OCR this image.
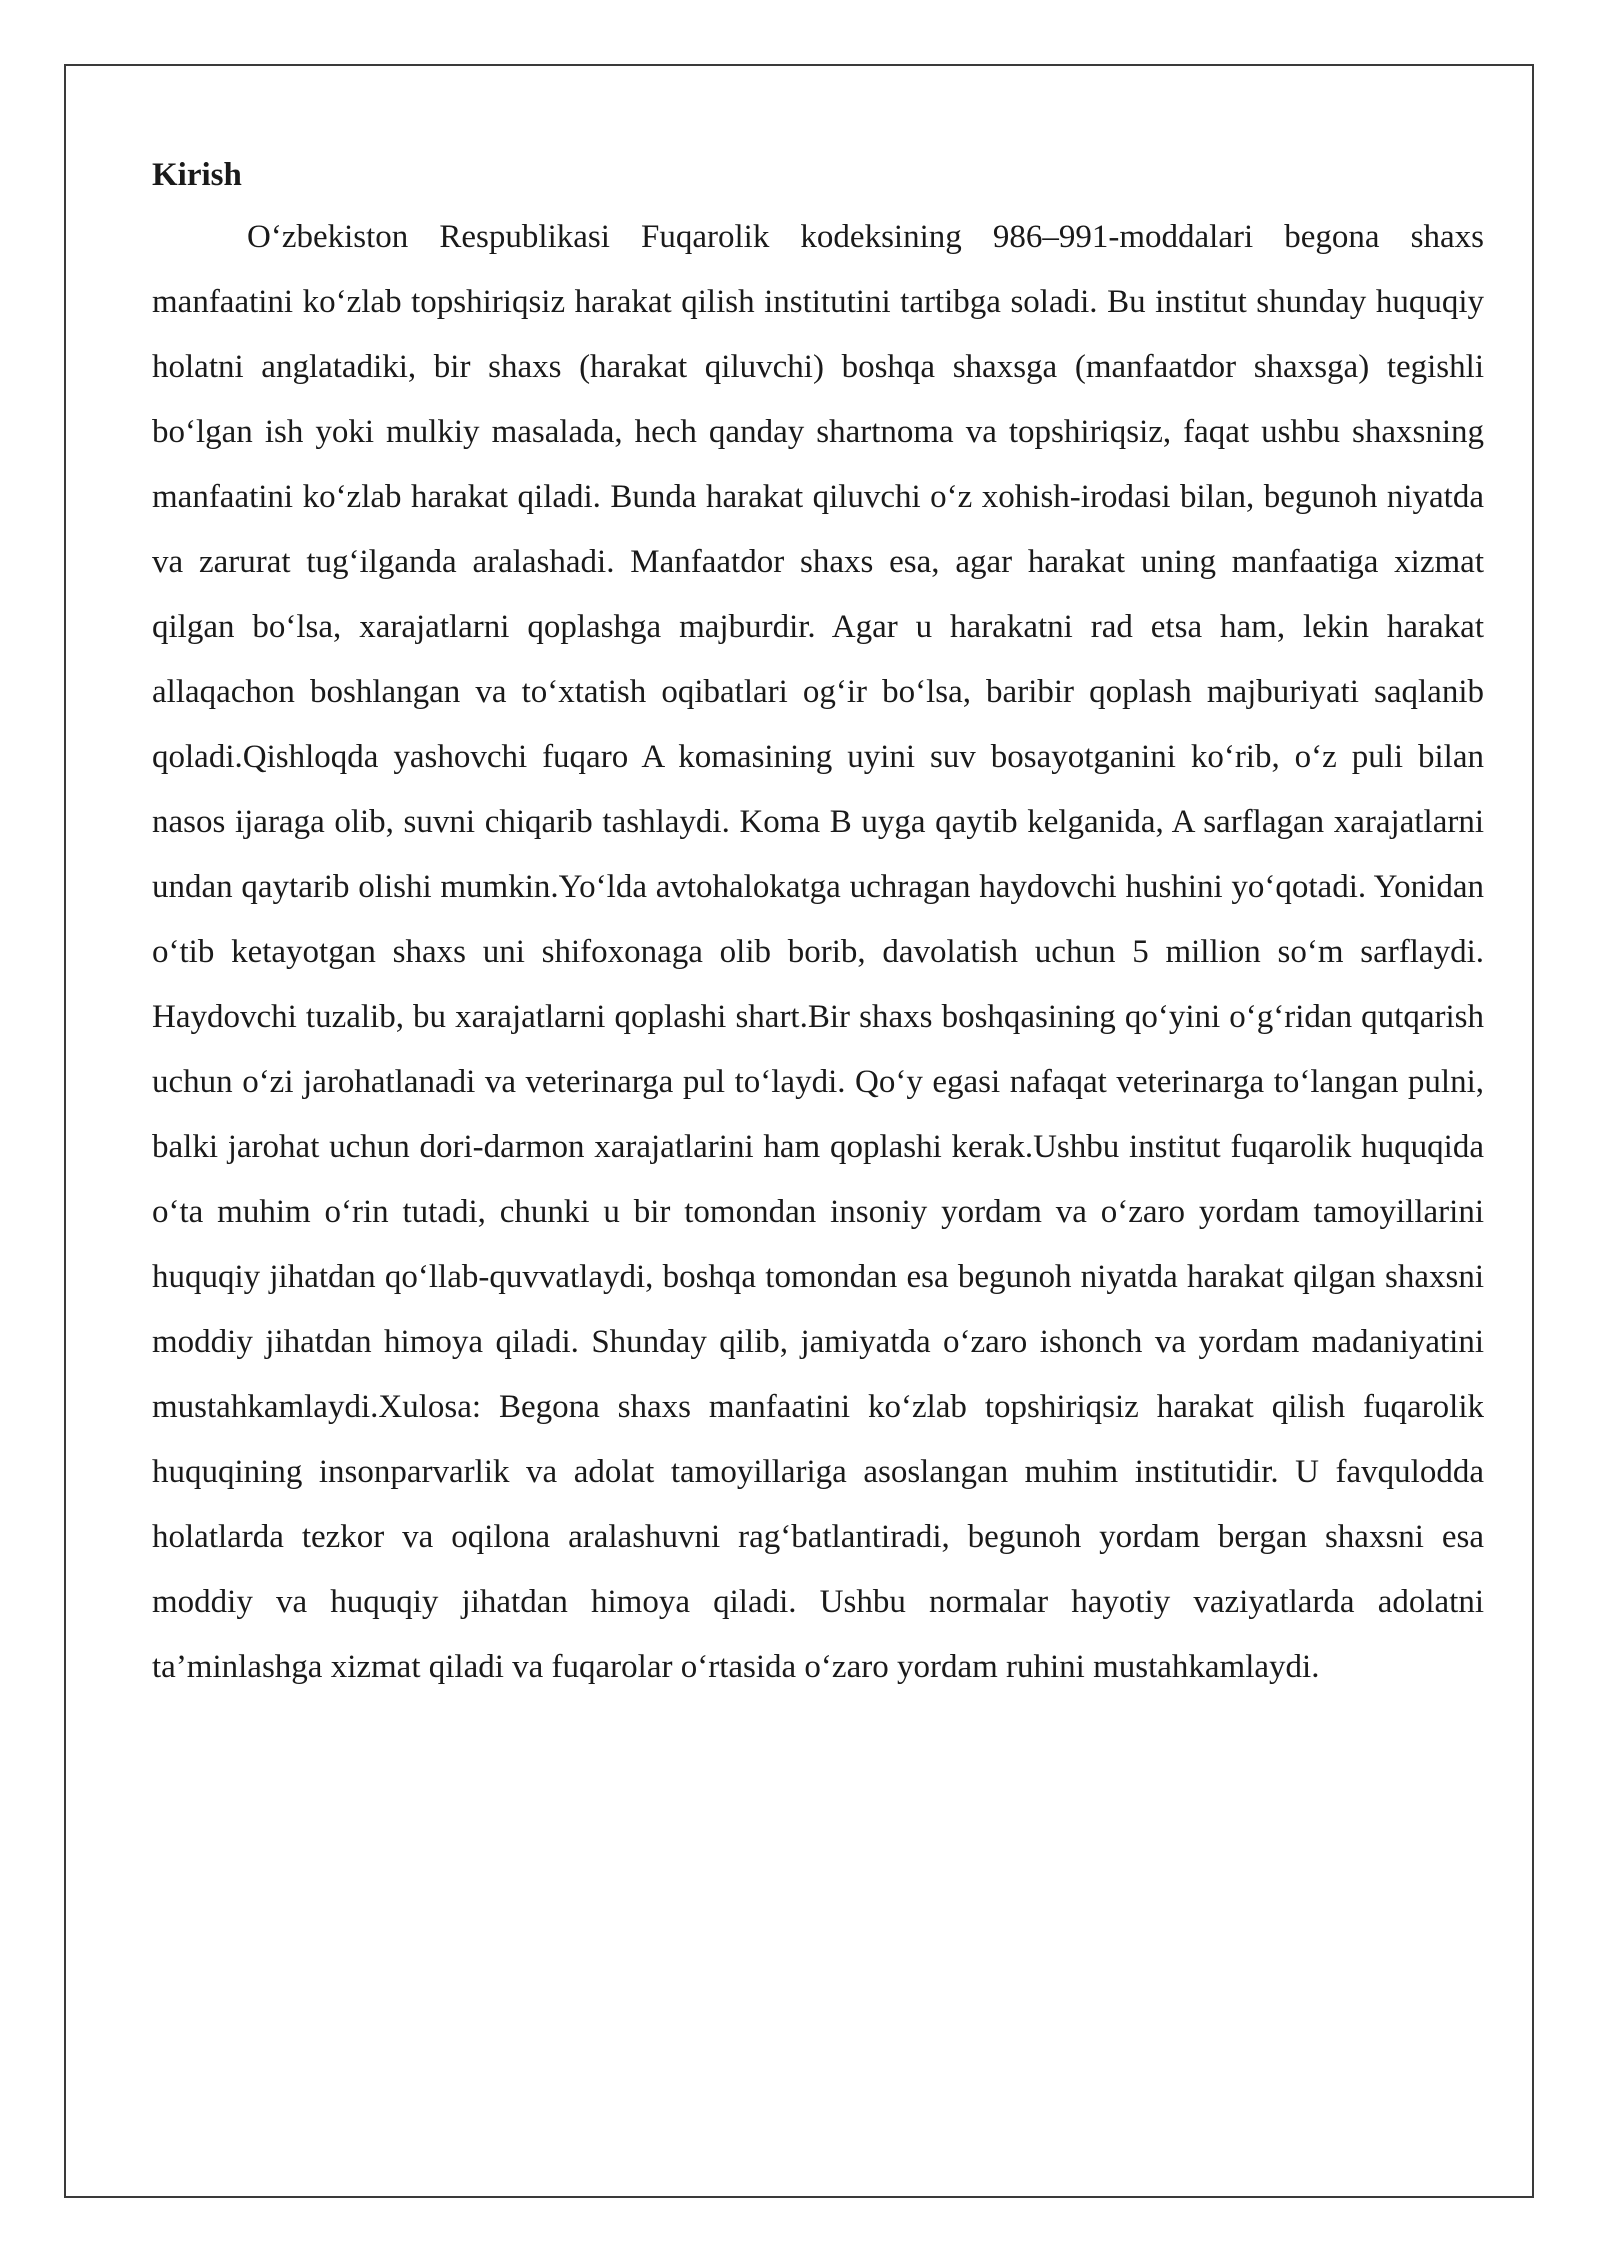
Kirish

O‘zbekiston Respublikasi Fuqarolik kodeksining 986–991-moddalari begona shaxs manfaatini ko‘zlab topshiriqsiz harakat qilish institutini tartibga soladi. Bu institut shunday huquqiy holatni anglatadiki, bir shaxs (harakat qiluvchi) boshqa shaxsga (manfaatdor shaxsga) tegishli bo‘lgan ish yoki mulkiy masalada, hech qanday shartnoma va topshiriqsiz, faqat ushbu shaxsning manfaatini ko‘zlab harakat qiladi. Bunda harakat qiluvchi o‘z xohish-irodasi bilan, begunoh niyatda va zarurat tug‘ilganda aralashadi. Manfaatdor shaxs esa, agar harakat uning manfaatiga xizmat qilgan bo‘lsa, xarajatlarni qoplashga majburdir. Agar u harakatni rad etsa ham, lekin harakat allaqachon boshlangan va to‘xtatish oqibatlari og‘ir bo‘lsa, baribir qoplash majburiyati saqlanib qoladi.Qishloqda yashovchi fuqaro A komasining uyini suv bosayotganini ko‘rib, o‘z puli bilan nasos ijaraga olib, suvni chiqarib tashlaydi. Koma B uyga qaytib kelganida, A sarflagan xarajatlarni undan qaytarib olishi mumkin.Yo‘lda avtohalokatga uchragan haydovchi hushini yo‘qotadi. Yonidan o‘tib ketayotgan shaxs uni shifoxonaga olib borib, davolatish uchun 5 million so‘m sarflaydi. Haydovchi tuzalib, bu xarajatlarni qoplashi shart.Bir shaxs boshqasining qo‘yini o‘g‘ridan qutqarish uchun o‘zi jarohatlanadi va veterinarga pul to‘laydi. Qo‘y egasi nafaqat veterinarga to‘langan pulni, balki jarohat uchun dori-darmon xarajatlarini ham qoplashi kerak.Ushbu institut fuqarolik huquqida o‘ta muhim o‘rin tutadi, chunki u bir tomondan insoniy yordam va o‘zaro yordam tamoyillarini huquqiy jihatdan qo‘llab-quvvatlaydi, boshqa tomondan esa begunoh niyatda harakat qilgan shaxsni moddiy jihatdan himoya qiladi. Shunday qilib, jamiyatda o‘zaro ishonch va yordam madaniyatini mustahkamlaydi.Xulosa: Begona shaxs manfaatini ko‘zlab topshiriqsiz harakat qilish fuqarolik huquqining insonparvarlik va adolat tamoyillariga asoslangan muhim institutidir. U favqulodda holatlarda tezkor va oqilona aralashuvni rag‘batlantiradi, begunoh yordam bergan shaxsni esa moddiy va huquqiy jihatdan himoya qiladi. Ushbu normalar hayotiy vaziyatlarda adolatni ta’minlashga xizmat qiladi va fuqarolar o‘rtasida o‘zaro yordam ruhini mustahkamlaydi.
